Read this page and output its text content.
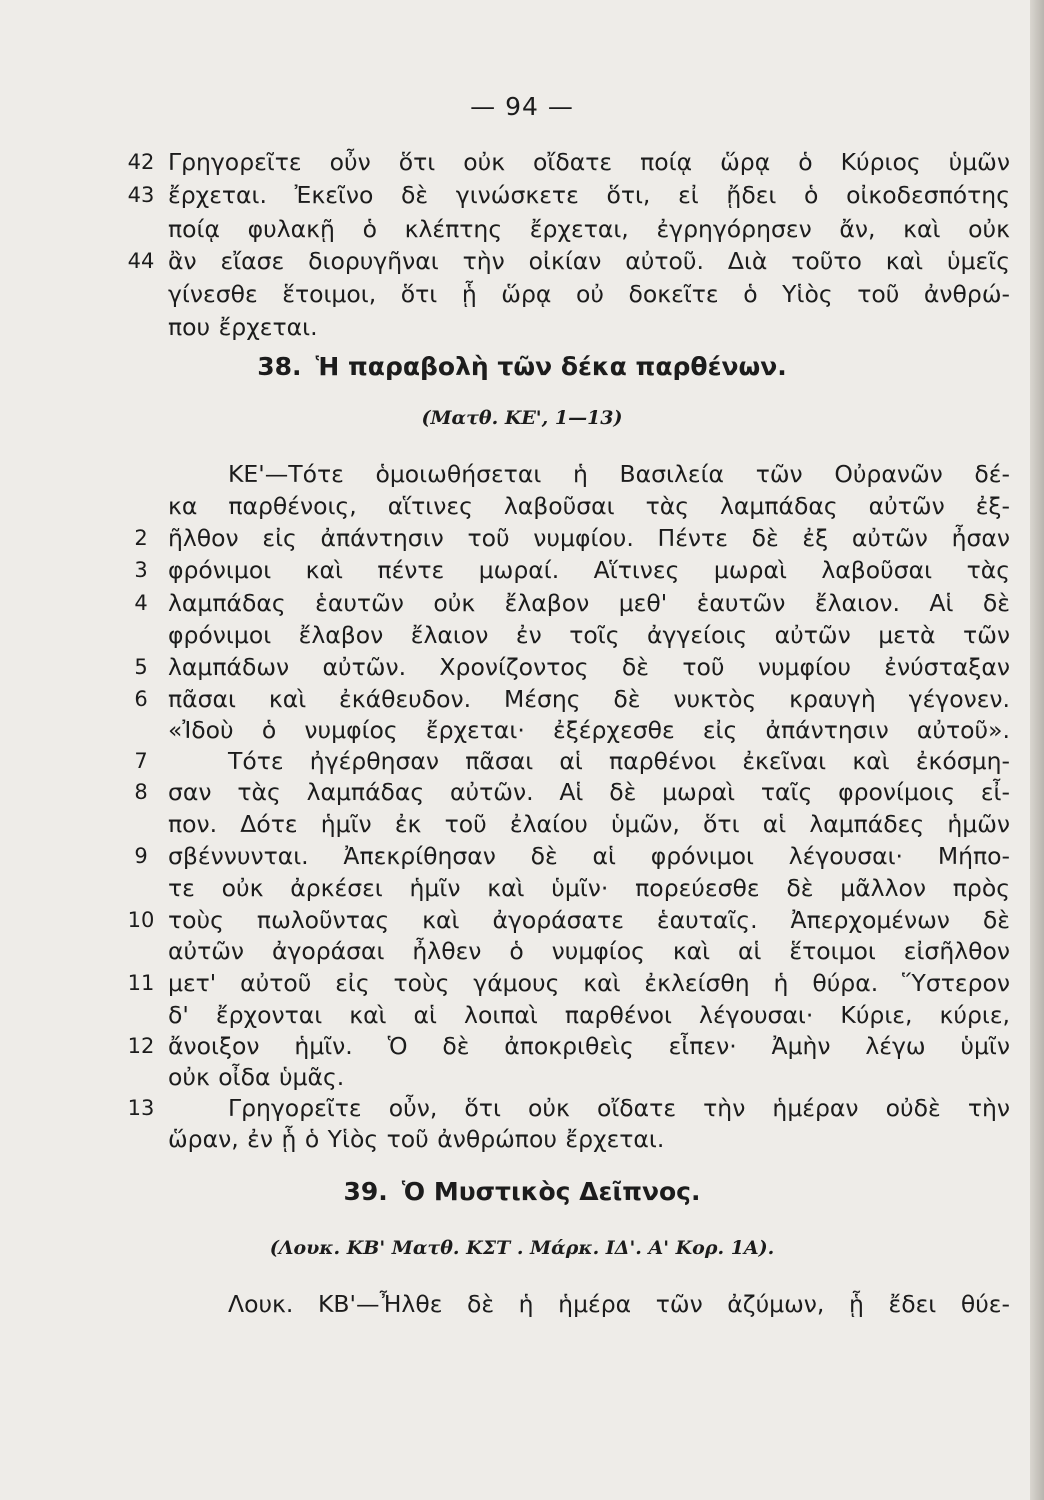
— 94 —
42 Γρηγορεῖτε οὖν ὅτι οὐκ οἴδατε ποίᾳ ὥρᾳ ὁ Κύριος ὑμῶν
43 ἔρχεται. Ἐκεῖνο δὲ γινώσκετε ὅτι, εἰ ᾔδει ὁ οἰκοδεσπότης
ποίᾳ φυλακῇ ὁ κλέπτης ἔρχεται, ἐγρηγόρησεν ἄν, καὶ οὐκ
44 ἂν εἴασε διορυγῆναι τὴν οἰκίαν αὐτοῦ. Διὰ τοῦτο καὶ ὑμεῖς
γίνεσθε ἕτοιμοι, ὅτι ᾗ ὥρᾳ οὐ δοκεῖτε ὁ Υἱὸς τοῦ ἀνθρώ-
που ἔρχεται.
38. Ἡ παραβολὴ τῶν δέκα παρθένων.
(Ματθ. ΚΕ', 1—13)
ΚΕ'—Τότε ὁμοιωθήσεται ἡ Βασιλεία τῶν Οὐρανῶν δέ-
κα παρθένοις, αἵτινες λαβοῦσαι τὰς λαμπάδας αὐτῶν ἐξ-
2 ῆλθον εἰς ἀπάντησιν τοῦ νυμφίου. Πέντε δὲ ἐξ αὐτῶν ἦσαν
3 φρόνιμοι καὶ πέντε μωραί. Αἵτινες μωραὶ λαβοῦσαι τὰς
4 λαμπάδας ἑαυτῶν οὐκ ἔλαβον μεθ' ἑαυτῶν ἔλαιον. Αἱ δὲ
φρόνιμοι ἔλαβον ἔλαιον ἐν τοῖς ἀγγείοις αὐτῶν μετὰ τῶν
5 λαμπάδων αὐτῶν. Χρονίζοντος δὲ τοῦ νυμφίου ἐνύσταξαν
6 πᾶσαι καὶ ἐκάθευδον. Μέσης δὲ νυκτὸς κραυγὴ γέγονεν.
«Ἰδοὺ ὁ νυμφίος ἔρχεται· ἐξέρχεσθε εἰς ἀπάντησιν αὐτοῦ».
7	Τότε ἠγέρθησαν πᾶσαι αἱ παρθένοι ἐκεῖναι καὶ ἐκόσμη-
8 σαν τὰς λαμπάδας αὐτῶν. Αἱ δὲ μωραὶ ταῖς φρονίμοις εἶ-
πον. Δότε ἡμῖν ἐκ τοῦ ἐλαίου ὑμῶν, ὅτι αἱ λαμπάδες ἡμῶν
9 σβέννυνται. Ἀπεκρίθησαν δὲ αἱ φρόνιμοι λέγουσαι· Μήπο-
τε οὐκ ἀρκέσει ἡμῖν καὶ ὑμῖν· πορεύεσθε δὲ μᾶλλον πρὸς
10 τοὺς πωλοῦντας καὶ ἀγοράσατε ἑαυταῖς. Ἀπερχομένων δὲ
αὐτῶν ἀγοράσαι ἦλθεν ὁ νυμφίος καὶ αἱ ἕτοιμοι εἰσῆλθον
11 μετ' αὐτοῦ εἰς τοὺς γάμους καὶ ἐκλείσθη ἡ θύρα. Ὕστερον
δ' ἔρχονται καὶ αἱ λοιπαὶ παρθένοι λέγουσαι· Κύριε, κύριε,
12 ἄνοιξον ἡμῖν. Ὁ δὲ ἀποκριθεὶς εἶπεν· Ἀμὴν λέγω ὑμῖν
οὐκ οἶδα ὑμᾶς.
13	Γρηγορεῖτε οὖν, ὅτι οὐκ οἴδατε τὴν ἡμέραν οὐδὲ τὴν
ὥραν, ἐν ᾗ ὁ Υἱὸς τοῦ ἀνθρώπου ἔρχεται.
39. Ὁ Μυστικὸς Δεῖπνος.
(Λουκ. ΚΒ' Ματθ. ΚΣΤ . Μάρκ. ΙΔ'. Α' Κορ. 1Α).
Λουκ. ΚΒ'—Ἦλθε δὲ ἡ ἡμέρα τῶν ἀζύμων, ᾗ ἔδει θύε-
